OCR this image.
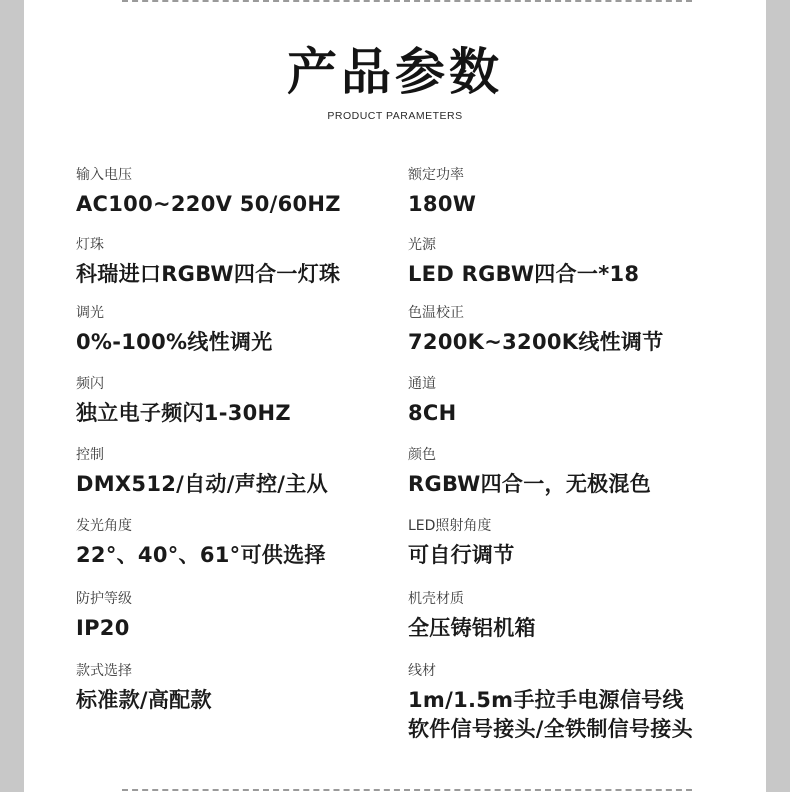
产品参数
PRODUCT PARAMETERS
输入电压
AC100~220V 50/60HZ
额定功率
180W
灯珠
科瑞进口RGBW四合一灯珠
光源
LED RGBW四合一*18
调光
0%-100%线性调光
色温校正
7200K~3200K线性调节
频闪
独立电子频闪1-30HZ
通道
8CH
控制
DMX512/自动/声控/主从
颜色
RGBW四合一，无极混色
发光角度
22°、40°、61°可供选择
LED照射角度
可自行调节
防护等级
IP20
机壳材质
全压铸铝机箱
款式选择
标准款/高配款
线材
1m/1.5m手拉手电源信号线
软件信号接头/全铁制信号接头
